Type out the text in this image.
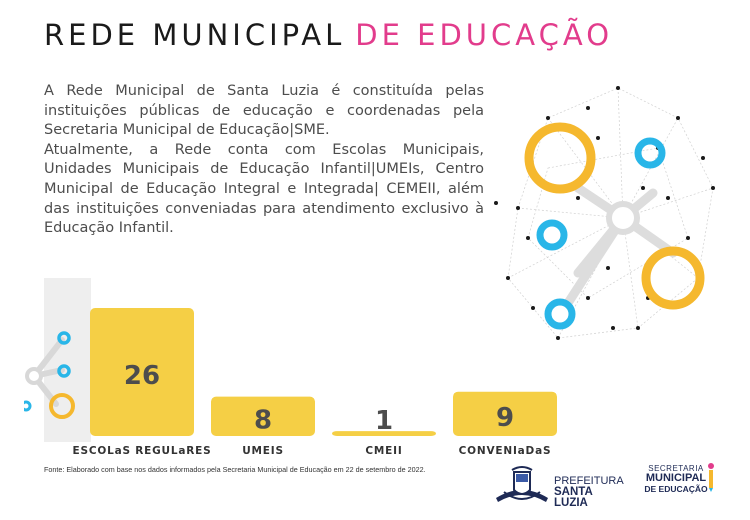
REDE MUNICIPAL DE EDUCAÇÃO

A Rede Municipal de Santa Luzia é constituída pelas instituições públicas de educação e coordenadas pela Secretaria Municipal de Educação|SME.

Atualmente, a Rede conta com Escolas Municipais, Unidades Municipais de Educação Infantil|UMEIs, Centro Municipal de Educação Integral e Integrada| CEMEII, além das instituições conveniadas para atendimento exclusivo à Educação Infantil.

26
ESCOLaS REGULaRES
8
UMEIS
1
CMEII
9
CONVENIaDaS
Fonte: Elaborado com base nos dados informados pela Secretaria Municipal de Educação em 22 de setembro de 2022.
PREFEITURA
SANTA LUZIA
SECRETARIA
MUNICIPAL
DE EDUCAÇÃO
